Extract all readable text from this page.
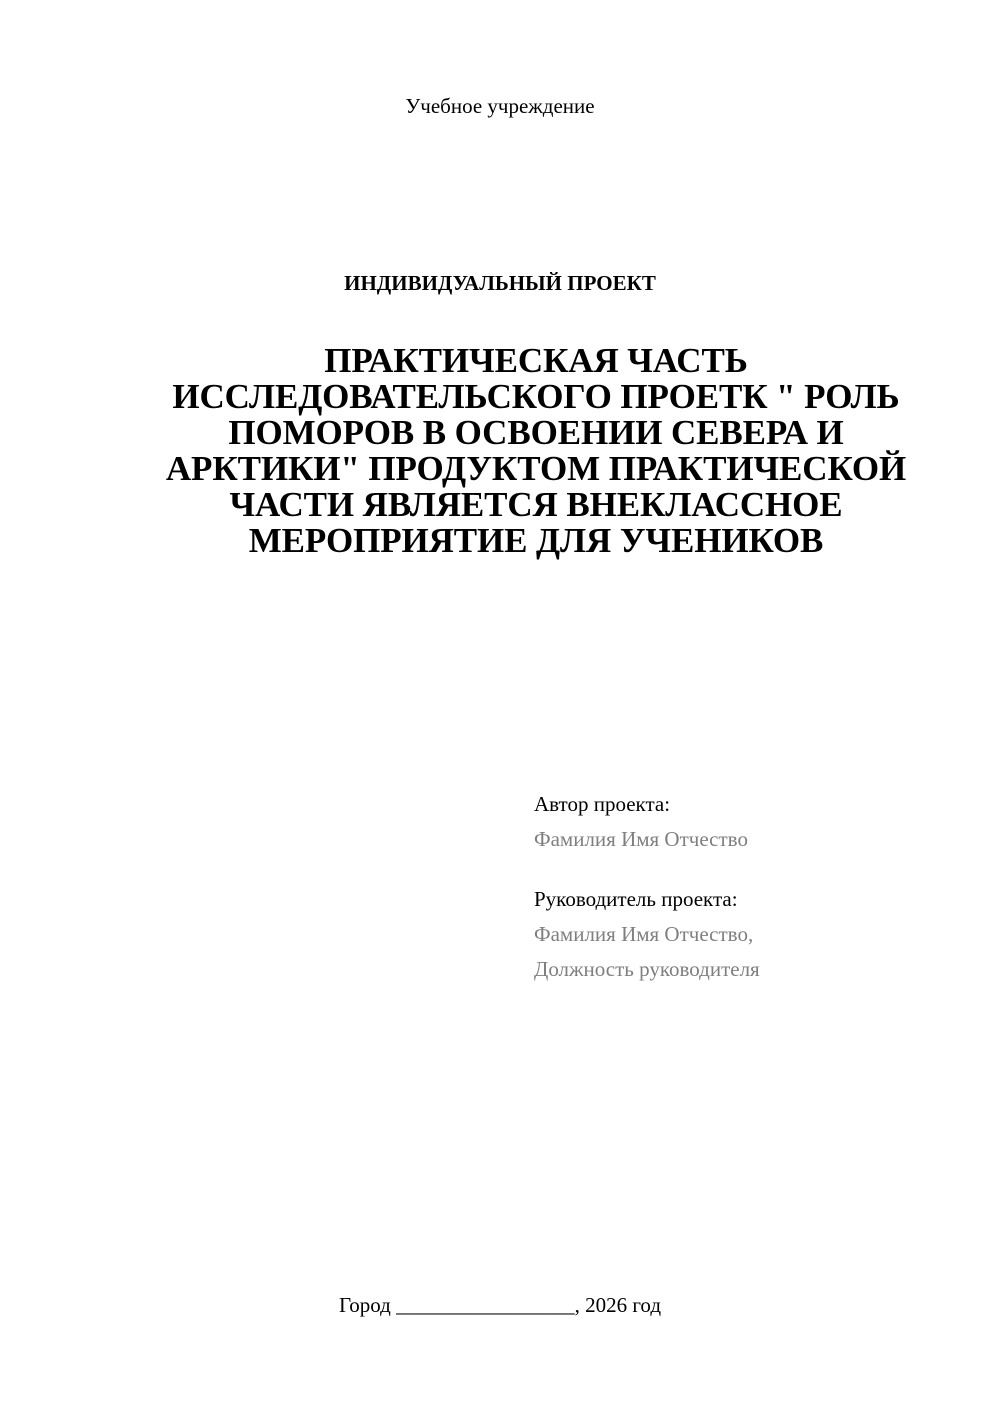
Учебное учреждение
ИНДИВИДУАЛЬНЫЙ ПРОЕКТ
ПРАКТИЧЕСКАЯ ЧАСТЬ ИССЛЕДОВАТЕЛЬСКОГО ПРОЕТК " РОЛЬ ПОМОРОВ В ОСВОЕНИИ СЕВЕРА И АРКТИКИ" ПРОДУКТОМ ПРАКТИЧЕСКОЙ ЧАСТИ ЯВЛЯЕТСЯ ВНЕКЛАССНОЕ МЕРОПРИЯТИЕ ДЛЯ УЧЕНИКОВ
Автор проекта:
Фамилия Имя Отчество
Руководитель проекта:
Фамилия Имя Отчество,
Должность руководителя
Город _________________, 2026 год
